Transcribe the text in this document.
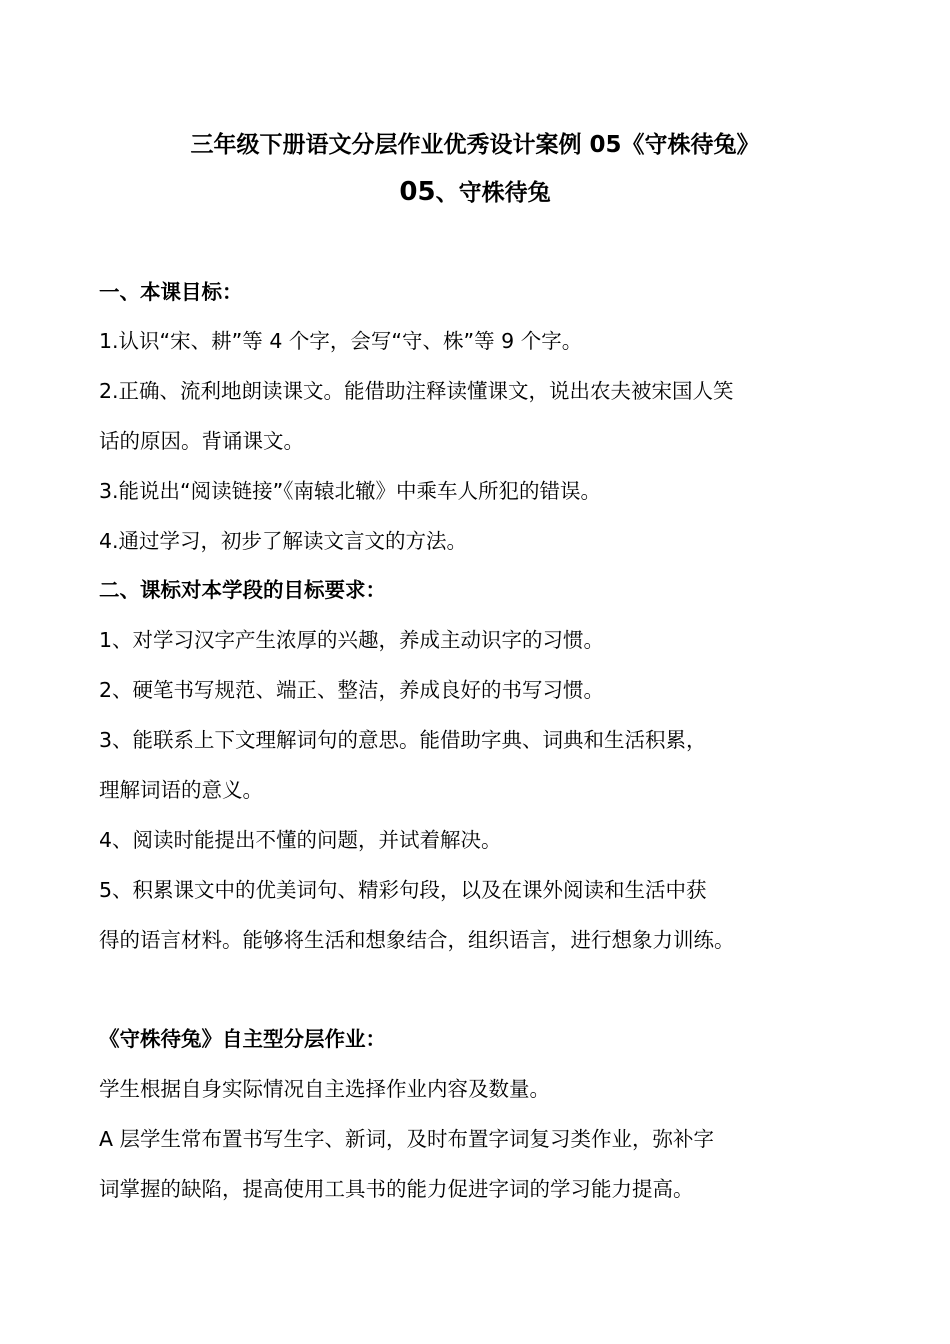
三年级下册语文分层作业优秀设计案例 05《守株待兔》
05、守株待兔
一、本课目标：
1.认识“宋、耕”等 4 个字，会写“守、株”等 9 个字。
2.正确、流利地朗读课文。能借助注释读懂课文，说出农夫被宋国人笑
话的原因。背诵课文。
3.能说出“阅读链接”《南辕北辙》中乘车人所犯的错误。
4.通过学习，初步了解读文言文的方法。
二、课标对本学段的目标要求：
1、对学习汉字产生浓厚的兴趣，养成主动识字的习惯。
2、硬笔书写规范、端正、整洁，养成良好的书写习惯。
3、能联系上下文理解词句的意思。能借助字典、词典和生活积累，
理解词语的意义。
4、阅读时能提出不懂的问题，并试着解决。
5、积累课文中的优美词句、精彩句段，以及在课外阅读和生活中获
得的语言材料。能够将生活和想象结合，组织语言，进行想象力训练。
《守株待兔》自主型分层作业：
学生根据自身实际情况自主选择作业内容及数量。
A 层学生常布置书写生字、新词，及时布置字词复习类作业，弥补字
词掌握的缺陷，提高使用工具书的能力促进字词的学习能力提高。
